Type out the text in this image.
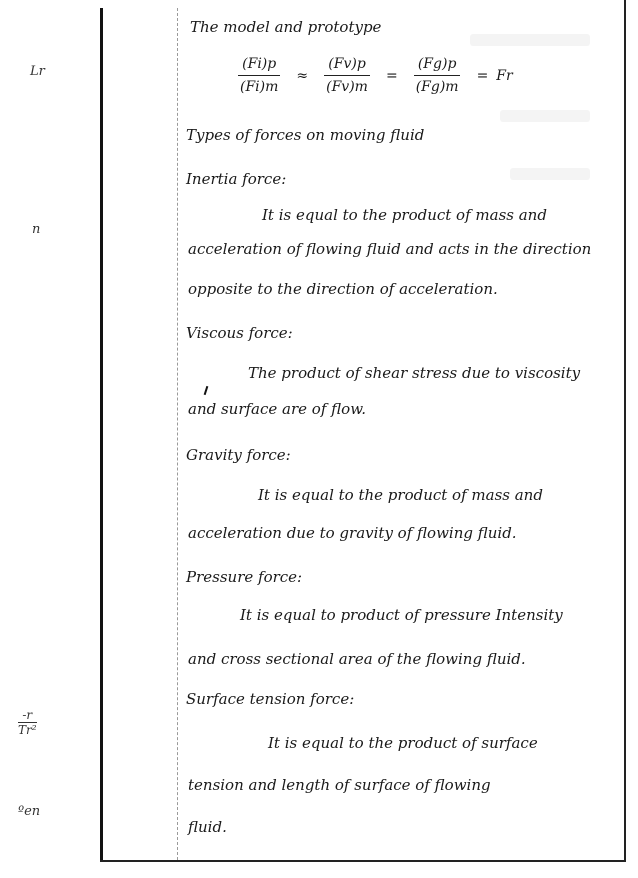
Lr
n
$\frac{-r}{\text{Tr²}}$
ºen
The model and prototype
$\frac{(Fi)p}{(Fi)m} \approx \frac{(Fv)p}{(Fv)m} = \frac{(Fg)p}{(Fg)m} = Fr$
Types of forces on moving fluid
Inertia force:
It is equal to the product of mass and
acceleration of flowing fluid and acts in the direction
opposite to the direction of acceleration.
Viscous force:
The product of shear stress due to viscosity
and surface are of flow.
Gravity force:
It is equal to the product of mass and
acceleration due to gravity of flowing fluid.
Pressure force:
It is equal to product of pressure Intensity
and cross sectional area of the flowing fluid.
Surface tension force:
It is equal to the product of surface
tension and length of surface of flowing
fluid.
